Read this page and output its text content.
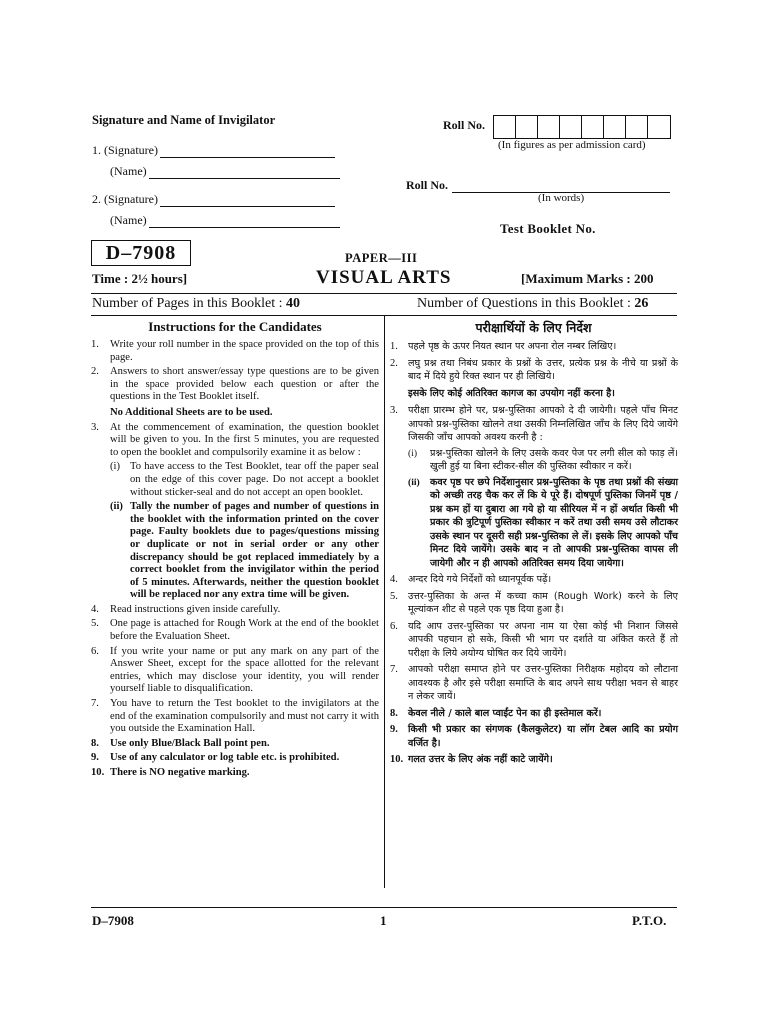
Signature and Name of Invigilator
1. (Signature)
(Name)
2. (Signature)
(Name)
Roll No.
(In figures as per admission card)
Roll No.
(In words)
Test Booklet No.
D–7908
Time : 2½ hours]
PAPER—III
VISUAL ARTS	[Maximum Marks : 200
Number of Pages in this Booklet : 40	Number of Questions in this Booklet : 26
Instructions for the Candidates
1.	Write your roll number in the space provided on the top of this page.
2.	Answers to short answer/essay type questions are to be given in the space provided below each question or after the questions in the Test Booklet itself.
No Additional Sheets are to be used.
3.	At the commencement of examination, the question booklet will be given to you. In the first 5 minutes, you are requested to open the booklet and compulsorily examine it as below :
(i) To have access to the Test Booklet, tear off the paper seal on the edge of this cover page. Do not accept a booklet without sticker-seal and do not accept an open booklet.
(ii) Tally the number of pages and number of questions in the booklet with the information printed on the cover page. Faulty booklets due to pages/questions missing or duplicate or not in serial order or any other discrepancy should be got replaced immediately by a correct booklet from the invigilator within the period of 5 minutes. Afterwards, neither the question booklet will be replaced nor any extra time will be given.
4.	Read instructions given inside carefully.
5.	One page is attached for Rough Work at the end of the booklet before the Evaluation Sheet.
6.	If you write your name or put any mark on any part of the Answer Sheet, except for the space allotted for the relevant entries, which may disclose your identity, you will render yourself liable to disqualification.
7.	You have to return the Test booklet to the invigilators at the end of the examination compulsorily and must not carry it with you outside the Examination Hall.
8.	Use only Blue/Black Ball point pen.
9.	Use of any calculator or log table etc. is prohibited.
10. There is NO negative marking.
परीक्षार्थियों के लिए निर्देश
1.	पहले पृष्ठ के ऊपर नियत स्थान पर अपना रोल नम्बर लिखिए।
2.	लघु प्रश्न तथा निबंध प्रकार के प्रश्नों के उत्तर, प्रत्येक प्रश्न के नीचे या प्रश्नों के बाद में दिये हुये रिक्त स्थान पर ही लिखिये।
इसके लिए कोई अतिरिक्त कागज का उपयोग नहीं करना है।
3.	परीक्षा प्रारम्भ होने पर, प्रश्न-पुस्तिका आपको दे दी जायेगी। पहले पाँच मिनट आपको प्रश्न-पुस्तिका खोलने तथा उसकी निम्नलिखित जाँच के लिए दिये जायेंगे जिसकी जाँच आपको अवश्य करनी है :
(i)	प्रश्न-पुस्तिका खोलने के लिए उसके कवर पेज पर लगी सील को फाड़ लें। खुली हुई या बिना स्टीकर-सील की पुस्तिका स्वीकार न करें।
(ii)	कवर पृष्ठ पर छपे निर्देशानुसार प्रश्न-पुस्तिका के पृष्ठ तथा प्रश्नों की संख्या को अच्छी तरह चैक कर लें कि ये पूरे हैं। दोषपूर्ण पुस्तिका जिनमें पृष्ठ / प्रश्न कम हों या दुबारा आ गये हो या सीरियल में न हों अर्थात किसी भी प्रकार की त्रुटिपूर्ण पुस्तिका स्वीकार न करें तथा उसी समय उसे लौटाकर उसके स्थान पर दूसरी सही प्रश्न-पुस्तिका ले लें। इसके लिए आपको पाँच मिनट दिये जायेंगे। उसके बाद न तो आपकी प्रश्न-पुस्तिका वापस ली जायेगी और न ही आपको अतिरिक्त समय दिया जायेगा।
4.	अन्दर दिये गये निर्देशों को ध्यानपूर्वक पढ़ें।
5.	उत्तर-पुस्तिका के अन्त में कच्चा काम (Rough Work) करने के लिए मूल्यांकन शीट से पहले एक पृष्ठ दिया हुआ है।
6.	यदि आप उत्तर-पुस्तिका पर अपना नाम या ऐसा कोई भी निशान जिससे आपकी पहचान हो सके, किसी भी भाग पर दर्शाते या अंकित करते हैं तो परीक्षा के लिये अयोग्य घोषित कर दिये जायेंगे।
7.	आपको परीक्षा समाप्त होने पर उत्तर-पुस्तिका निरीक्षक महोदय को लौटाना आवश्यक है और इसे परीक्षा समाप्ति के बाद अपने साथ परीक्षा भवन से बाहर न लेकर जायें।
8.	केवल नीले / काले बाल प्वाईंट पेन का ही इस्तेमाल करें।
9.	किसी भी प्रकार का संगणक (कैलकुलेटर) या लॉग टेबल आदि का प्रयोग वर्जित है।
10. गलत उत्तर के लिए अंक नहीं काटे जायेंगे।
D–7908	1	P.T.O.
